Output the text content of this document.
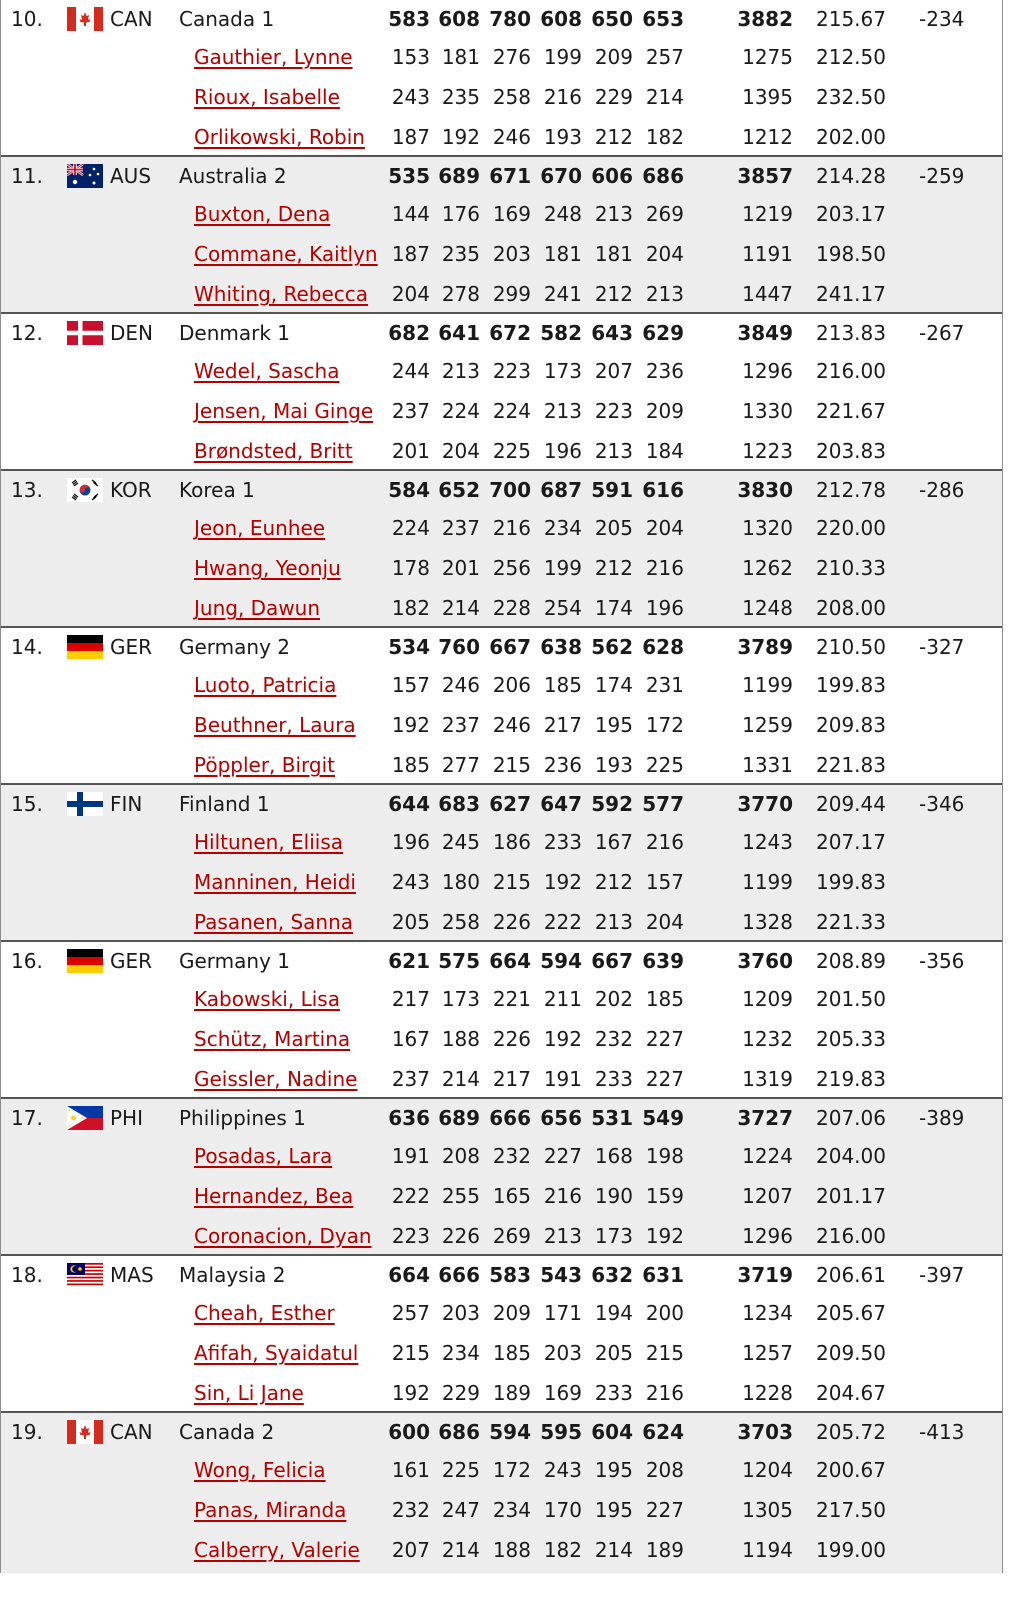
10.	CAN Canada 1	583 608 780 608 650 653	3882 215.67 -234
Gauthier, Lynne	153 181 276 199 209 257	1275 212.50
Rioux, Isabelle	243 235 258 216 229 214	1395 232.50
Orlikowski, Robin	187 192 246 193 212 182	1212 202.00
11.	AUS Australia 2	535 689 671 670 606 686	3857 214.28 -259
Buxton, Dena	144 176 169 248 213 269	1219 203.17
Commane, Kaitlyn 187 235 203 181 181 204	1191 198.50
Whiting, Rebecca	204 278 299 241 212 213	1447 241.17
12.	DEN Denmark 1	682 641 672 582 643 629	3849 213.83 -267
Wedel, Sascha	244 213 223 173 207 236	1296 216.00
Jensen, Mai Ginge 237 224 224 213 223 209	1330 221.67
Brøndsted, Britt	201 204 225 196 213 184	1223 203.83
13.	KOR Korea 1	584 652 700 687 591 616	3830 212.78 -286
Jeon, Eunhee	224 237 216 234 205 204	1320 220.00
Hwang, Yeonju	178 201 256 199 212 216	1262 210.33
Jung, Dawun	182 214 228 254 174 196	1248 208.00
14.	GER Germany 2	534 760 667 638 562 628	3789 210.50 -327
Luoto, Patricia	157 246 206 185 174 231	1199 199.83
Beuthner, Laura	192 237 246 217 195 172	1259 209.83
Pöppler, Birgit	185 277 215 236 193 225	1331 221.83
15.	FIN Finland 1	644 683 627 647 592 577	3770 209.44 -346
Hiltunen, Eliisa	196 245 186 233 167 216	1243 207.17
Manninen, Heidi	243 180 215 192 212 157	1199 199.83
Pasanen, Sanna	205 258 226 222 213 204	1328 221.33
16.	GER Germany 1	621 575 664 594 667 639	3760 208.89 -356
Kabowski, Lisa	217 173 221 211 202 185	1209 201.50
Schütz, Martina	167 188 226 192 232 227	1232 205.33
Geissler, Nadine	237 214 217 191 233 227	1319 219.83
17.	PHI Philippines 1	636 689 666 656 531 549	3727 207.06 -389
Posadas, Lara	191 208 232 227 168 198	1224 204.00
Hernandez, Bea	222 255 165 216 190 159	1207 201.17
Coronacion, Dyan	223 226 269 213 173 192	1296 216.00
18.	MAS Malaysia 2	664 666 583 543 632 631	3719 206.61 -397
Cheah, Esther	257 203 209 171 194 200	1234 205.67
Afifah, Syaidatul	215 234 185 203 205 215	1257 209.50
Sin, Li Jane	192 229 189 169 233 216	1228 204.67
19.	CAN Canada 2	600 686 594 595 604 624	3703 205.72 -413
Wong, Felicia	161 225 172 243 195 208	1204 200.67
Panas, Miranda	232 247 234 170 195 227	1305 217.50
Calberry, Valerie	207 214 188 182 214 189	1194 199.00
